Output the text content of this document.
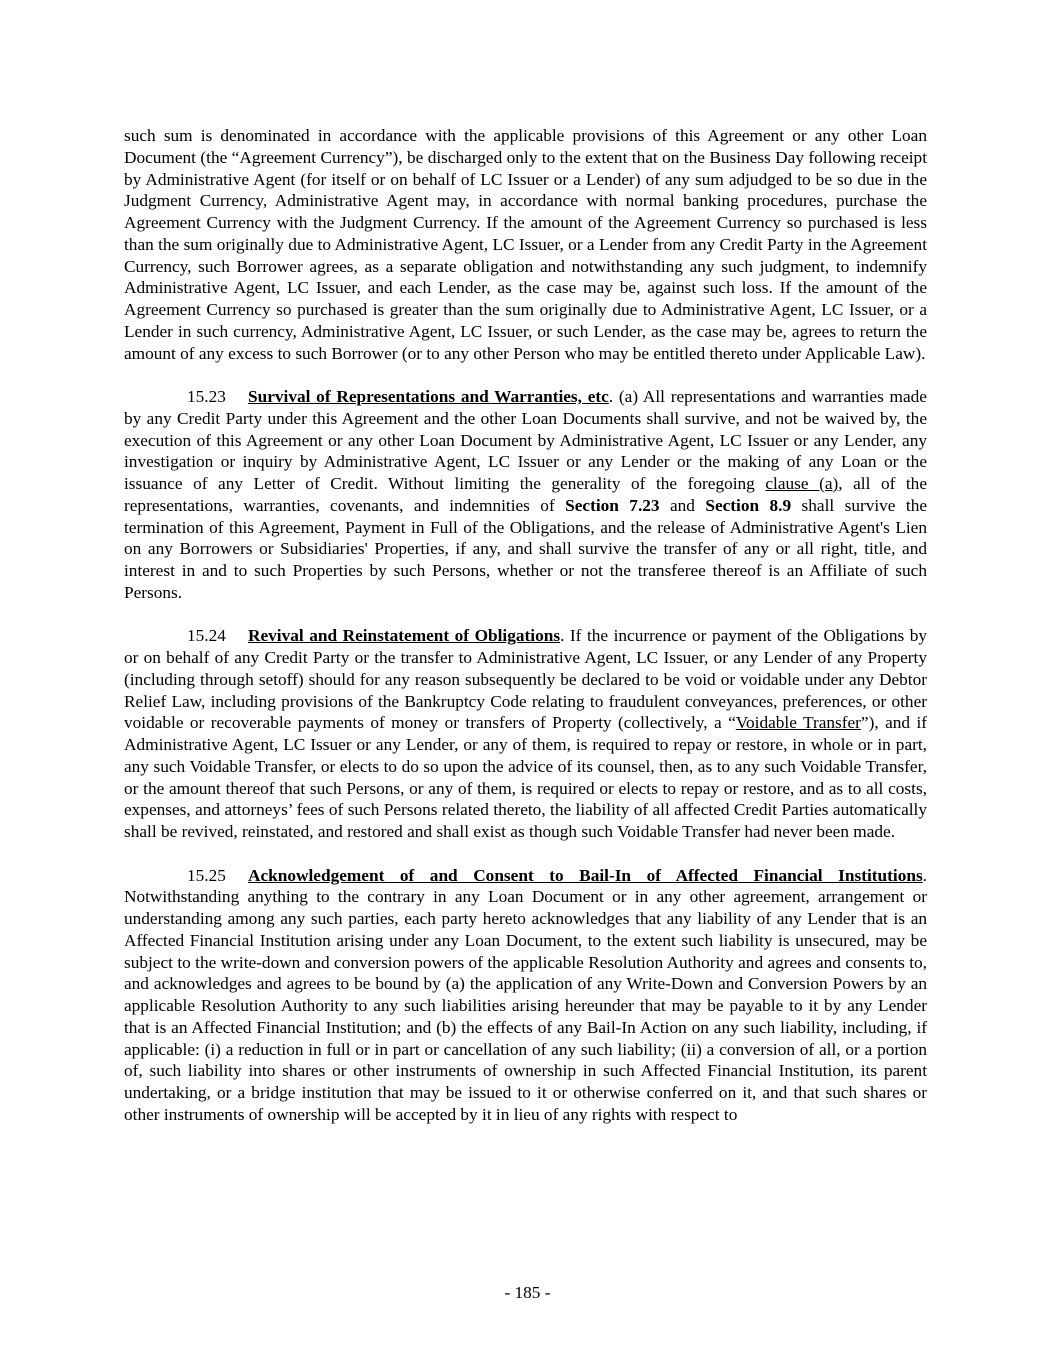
such sum is denominated in accordance with the applicable provisions of this Agreement or any other Loan Document (the “Agreement Currency”), be discharged only to the extent that on the Business Day following receipt by Administrative Agent (for itself or on behalf of LC Issuer or a Lender) of any sum adjudged to be so due in the Judgment Currency, Administrative Agent may, in accordance with normal banking procedures, purchase the Agreement Currency with the Judgment Currency. If the amount of the Agreement Currency so purchased is less than the sum originally due to Administrative Agent, LC Issuer, or a Lender from any Credit Party in the Agreement Currency, such Borrower agrees, as a separate obligation and notwithstanding any such judgment, to indemnify Administrative Agent, LC Issuer, and each Lender, as the case may be, against such loss. If the amount of the Agreement Currency so purchased is greater than the sum originally due to Administrative Agent, LC Issuer, or a Lender in such currency, Administrative Agent, LC Issuer, or such Lender, as the case may be, agrees to return the amount of any excess to such Borrower (or to any other Person who may be entitled thereto under Applicable Law).

15.23 Survival of Representations and Warranties, etc. (a) All representations and warranties made by any Credit Party under this Agreement and the other Loan Documents shall survive, and not be waived by, the execution of this Agreement or any other Loan Document by Administrative Agent, LC Issuer or any Lender, any investigation or inquiry by Administrative Agent, LC Issuer or any Lender or the making of any Loan or the issuance of any Letter of Credit. Without limiting the generality of the foregoing clause (a), all of the representations, warranties, covenants, and indemnities of Section 7.23 and Section 8.9 shall survive the termination of this Agreement, Payment in Full of the Obligations, and the release of Administrative Agent's Lien on any Borrowers or Subsidiaries' Properties, if any, and shall survive the transfer of any or all right, title, and interest in and to such Properties by such Persons, whether or not the transferee thereof is an Affiliate of such Persons.

15.24 Revival and Reinstatement of Obligations. If the incurrence or payment of the Obligations by or on behalf of any Credit Party or the transfer to Administrative Agent, LC Issuer, or any Lender of any Property (including through setoff) should for any reason subsequently be declared to be void or voidable under any Debtor Relief Law, including provisions of the Bankruptcy Code relating to fraudulent conveyances, preferences, or other voidable or recoverable payments of money or transfers of Property (collectively, a “Voidable Transfer”), and if Administrative Agent, LC Issuer or any Lender, or any of them, is required to repay or restore, in whole or in part, any such Voidable Transfer, or elects to do so upon the advice of its counsel, then, as to any such Voidable Transfer, or the amount thereof that such Persons, or any of them, is required or elects to repay or restore, and as to all costs, expenses, and attorneys’ fees of such Persons related thereto, the liability of all affected Credit Parties automatically shall be revived, reinstated, and restored and shall exist as though such Voidable Transfer had never been made.

15.25 Acknowledgement of and Consent to Bail-In of Affected Financial Institutions. Notwithstanding anything to the contrary in any Loan Document or in any other agreement, arrangement or understanding among any such parties, each party hereto acknowledges that any liability of any Lender that is an Affected Financial Institution arising under any Loan Document, to the extent such liability is unsecured, may be subject to the write-down and conversion powers of the applicable Resolution Authority and agrees and consents to, and acknowledges and agrees to be bound by (a) the application of any Write-Down and Conversion Powers by an applicable Resolution Authority to any such liabilities arising hereunder that may be payable to it by any Lender that is an Affected Financial Institution; and (b) the effects of any Bail-In Action on any such liability, including, if applicable: (i) a reduction in full or in part or cancellation of any such liability; (ii) a conversion of all, or a portion of, such liability into shares or other instruments of ownership in such Affected Financial Institution, its parent undertaking, or a bridge institution that may be issued to it or otherwise conferred on it, and that such shares or other instruments of ownership will be accepted by it in lieu of any rights with respect to

- 185 -
